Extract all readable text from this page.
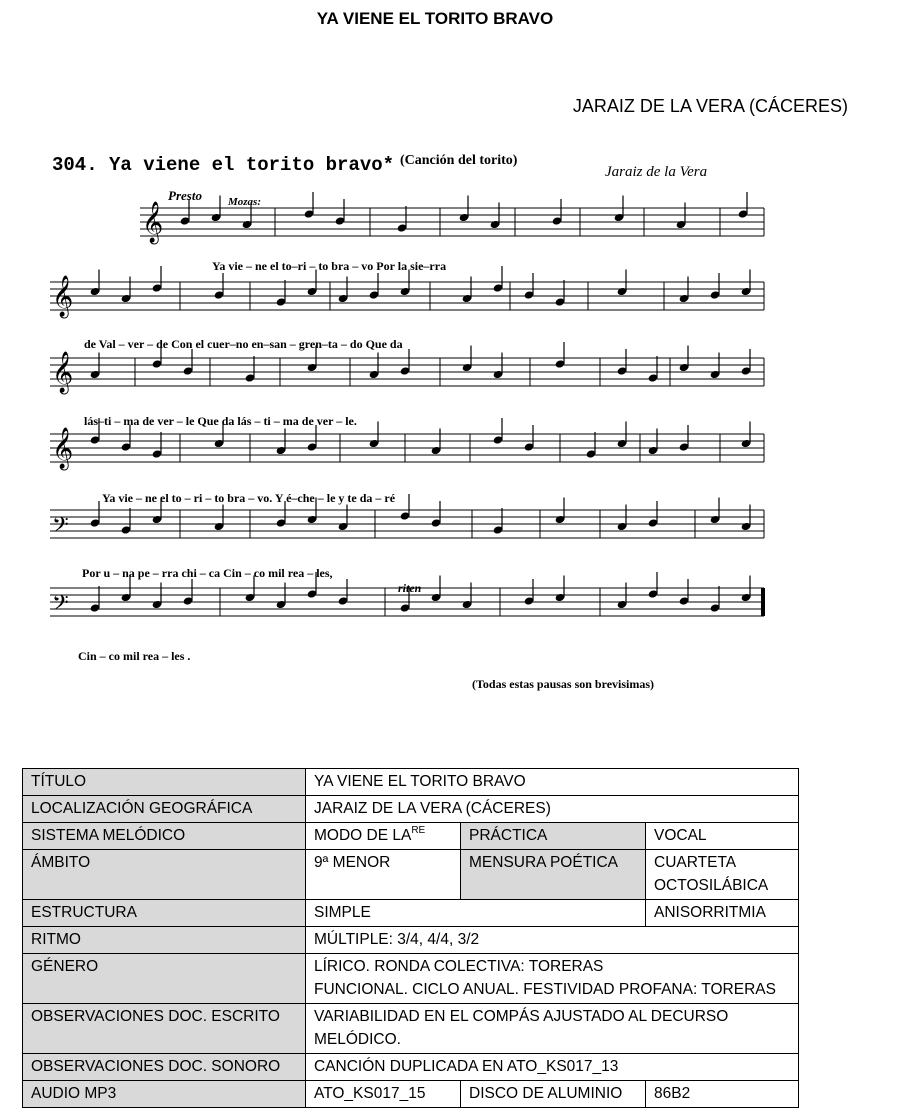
YA VIENE EL TORITO BRAVO
JARAIZ DE LA VERA (CÁCERES)
304. Ya viene el torito bravo* (Canción del torito)
Jaraiz de la Vera
Presto Mozas:
riten
𝄞
𝄞
𝄞
𝄞
𝄢
𝄢
Ya vie – ne el to–ri – to bra – vo Por la sie–rra
de Val – ver – de Con el cuer–no en–san – gren–ta – do Que da
lás–ti – ma de ver – le Que da lás – ti – ma de ver – le.
Ya vie – ne el to – ri – to bra – vo. Y é–che – le y te da – ré
Por u – na pe – rra chi – ca Cin – co mil rea – les,
Cin – co mil rea – les .
(Todas estas pausas son brevisimas)
TÍTULO	YA VIENE EL TORITO BRAVO		
LOCALIZACIÓN GEOGRÁFICA	JARAIZ DE LA VERA (CÁCERES)		
SISTEMA MELÓDICO	MODO DE $LA^{RE}$	PRÁCTICA	VOCAL
ÁMBITO	9ª MENOR	MENSURA POÉTICA	CUARTETA
OCTOSILÁBICA

ESTRUCTURA	SIMPLE		ANISORRITMIA
RITMO	MÚLTIPLE: 3/4, 4/4, 3/2		
GÉNERO	LÍRICO. RONDA COLECTIVA: TORERAS
FUNCIONAL. CICLO ANUAL. FESTIVIDAD PROFANA: TORERAS		

OBSERVACIONES DOC. ESCRITO	VARIABILIDAD EN EL COMPÁS AJUSTADO AL DECURSO
MELÓDICO.		

OBSERVACIONES DOC. SONORO	CANCIÓN DUPLICADA EN ATO_KS017_13		
AUDIO MP3	ATO_KS017_15	DISCO DE ALUMINIO	86B2
